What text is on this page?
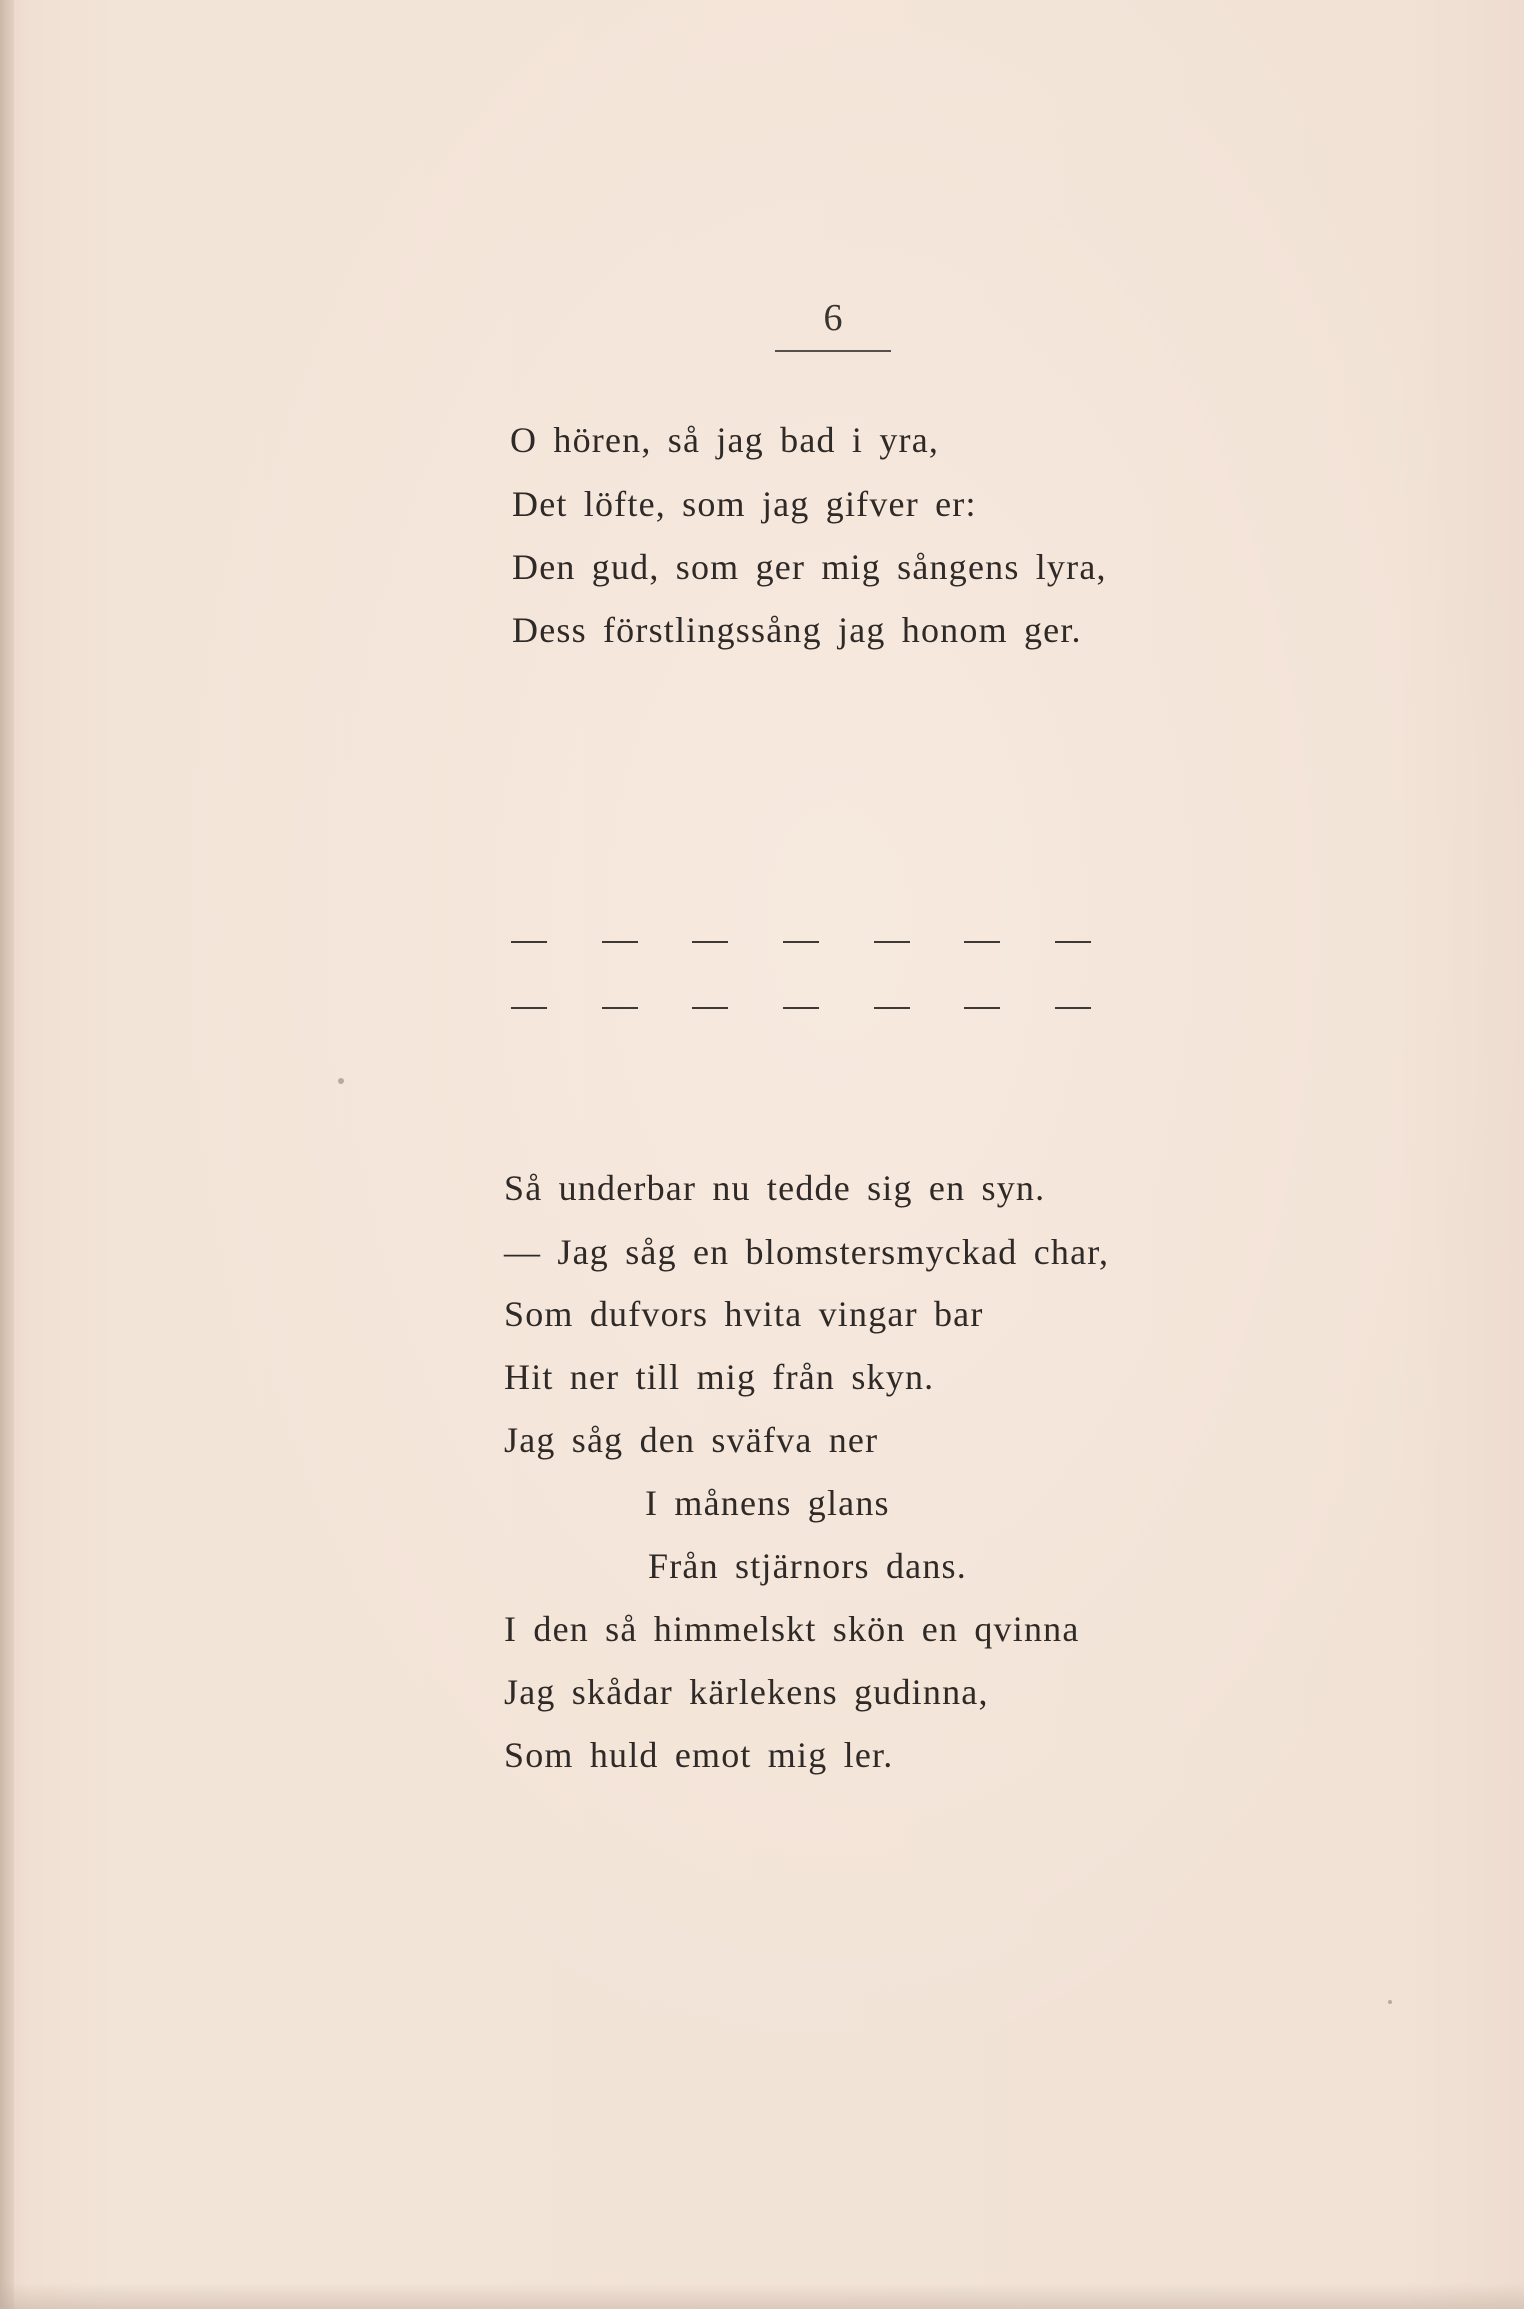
6
O hören, så jag bad i yra,
Det löfte, som jag gifver er:
Den gud, som ger mig sångens lyra,
Dess förstlingssång jag honom ger.
Så underbar nu tedde sig en syn.
— Jag såg en blomstersmyckad char,
Som dufvors hvita vingar bar
Hit ner till mig från skyn.
Jag såg den sväfva ner
I månens glans
Från stjärnors dans.
I den så himmelskt skön en qvinna
Jag skådar kärlekens gudinna,
Som huld emot mig ler.
